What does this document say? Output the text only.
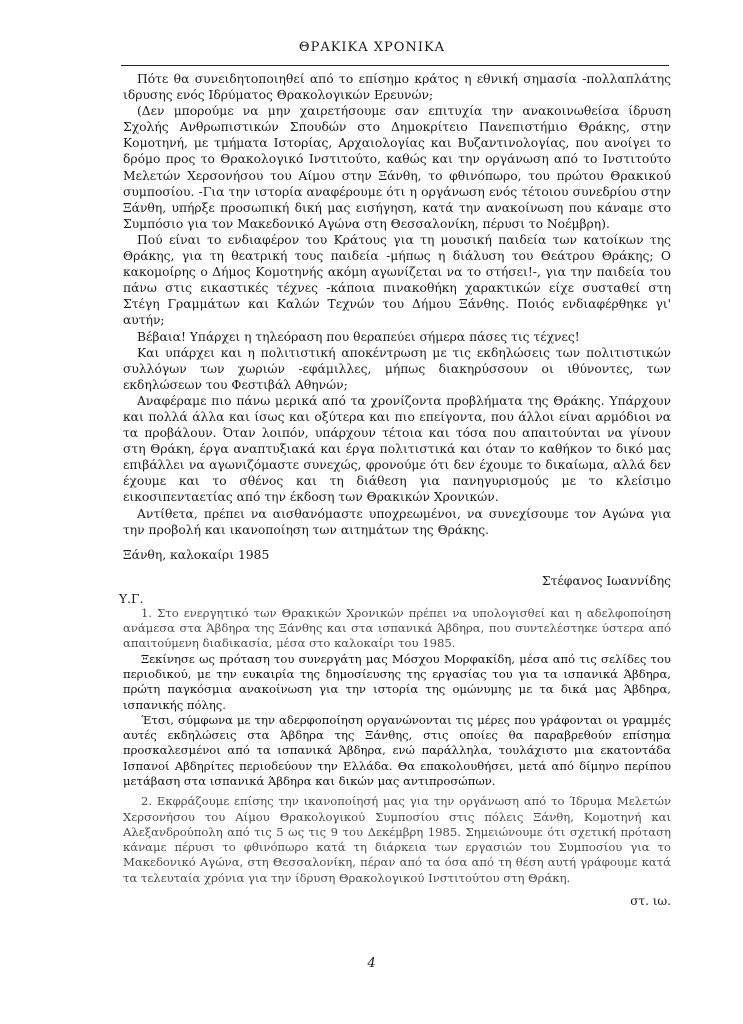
ΘΡΑΚΙΚΑ ΧΡΟΝΙΚΑ

Πότε θα συνειδητοποιηθεί από το επίσημο κράτος η εθνική σημασία -πολλαπλάτης ιδρυσης ενός Ιδρύματος Θρακολογικών Ερευνών;

(Δεν μπορούμε να μην χαιρετήσουμε σαν επιτυχία την ανακοινωθείσα ίδρυση Σχολής Ανθρωπιστικών Σπουδών στο Δημοκρίτειο Πανεπιστήμιο Θράκης, στην Κομοτηνή, με τμήματα Ιστορίας, Αρχαιολογίας και Βυζαντινολογίας, που ανοίγει το δρόμο προς το Θρακολογικό Ινστιτούτο, καθώς και την οργάνωση από το Ινστιτούτο Μελετών Χερσονήσου του Αίμου στην Ξάνθη, το φθινόπωρο, του πρώτου Θρακικού συμποσίου. -Για την ιστορία αναφέρουμε ότι η οργάνωση ενός τέτοιου συνεδρίου στην Ξάνθη, υπήρξε προσωπική δική μας εισήγηση, κατά την ανακοίνωση που κάναμε στο Συμπόσιο για τον Μακεδονικό Αγώνα στη Θεσσαλονίκη, πέρυσι το Νοέμβρη).

Πού είναι το ενδιαφέρον του Κράτους για τη μουσική παιδεία των κατοίκων της Θράκης, για τη θεατρική τους παιδεία -μήπως η διάλυση του Θεάτρου Θράκης; Ο κακομοίρης ο Δήμος Κομοτηνής ακόμη αγωνίζεται να το στήσει!-, για την παιδεία του πάνω στις εικαστικές τέχνες -κάποια πινακοθήκη χαρακτικών είχε συσταθεί στη Στέγη Γραμμάτων και Καλών Τεχνών του Δήμου Ξάνθης. Ποιός ενδιαφέρθηκε γι' αυτήν;

Βέβαια! Υπάρχει η τηλεόραση που θεραπεύει σήμερα πάσες τις τέχνες!

Και υπάρχει και η πολιτιστική αποκέντρωση με τις εκδηλώσεις των πολιτιστικών συλλόγων των χωριών -εφάμιλλες, μήπως διακηρύσσουν οι ιθύνοντες, των εκδηλώσεων του Φεστιβάλ Αθηνών;

Αναφέραμε πιο πάνω μερικά από τα χρονίζοντα προβλήματα της Θράκης. Υπάρχουν και πολλά άλλα και ίσως και οξύτερα και πιο επείγοντα, που άλλοι είναι αρμόδιοι να τα προβάλουν. Όταν λοιπόν, υπάρχουν τέτοια και τόσα που απαιτούνται να γίνουν στη Θράκη, έργα αναπτυξιακά και έργα πολιτιστικά και όταν το καθήκον το δικό μας επιβάλλει να αγωνιζόμαστε συνεχώς, φρονούμε ότι δεν έχουμε το δικαίωμα, αλλά δεν έχουμε και το σθένος και τη διάθεση για πανηγυρισμούς με το κλείσιμο εικοσιπενταετίας από την έκδοση των Θρακικών Χρονικών.

Αντίθετα, πρέπει να αισθανόμαστε υποχρεωμένοι, να συνεχίσουμε τον Αγώνα για την προβολή και ικανοποίηση των αιτημάτων της Θράκης.

Ξάνθη, καλοκαίρι 1985
Στέφανος Ιωαννίδης
Υ.Γ.

1. Στο ενεργητικό των Θρακικών Χρονικών πρέπει να υπολογισθεί και η αδελφοποίηση ανάμεσα στα Άβδηρα της Ξάνθης και στα ισπανικά Άβδηρα, που συντελέστηκε ύστερα από απαιτούμενη διαδικασία, μέσα στο καλοκαίρι του 1985.

Ξεκίνησε ως πρόταση του συνεργάτη μας Μόσχου Μορφακίδη, μέσα από τις σελίδες του περιοδικού, με την ευκαιρία της δημοσίευσης της εργασίας του για τα ισπανικά Άβδηρα, πρώτη παγκόσμια ανακοίνωση για την ιστορία της ομώνυμης με τα δικά μας Άβδηρα, ισπανικής πόλης.

Έτσι, σύμφωνα με την αδερφοποίηση οργανώνονται τις μέρες που γράφονται οι γραμμές αυτές εκδηλώσεις στα Άβδηρα της Ξάνθης, στις οποίες θα παραβρεθούν επίσημα προσκαλεσμένοι από τα ισπανικά Άβδηρα, ενώ παράλληλα, τουλάχιστο μια εκατοντάδα Ισπανοί Αβδηρίτες περιοδεύουν την Ελλάδα. Θα επακολουθήσει, μετά από δίμηνο περίπου μετάβαση στα ισπανικά Άβδηρα και δικών μας αντιπροσώπων.

2. Εκφράζουμε επίσης την ικανοποίησή μας για την οργάνωση από το Ίδρυμα Μελετών Χερσονήσου του Αίμου Θρακολογικού Συμποσίου στις πόλεις Ξάνθη, Κομοτηνή και Αλεξανδρούπολη από τις 5 ως τις 9 του Δεκέμβρη 1985. Σημειώνουμε ότι σχετική πρόταση κάναμε πέρυσι το φθινόπωρο κατά τη διάρκεια των εργασιών του Συμποσίου για το Μακεδονικό Αγώνα, στη Θεσσαλονίκη, πέραν από τα όσα από τη θέση αυτή γράφουμε κατά τα τελευταία χρόνια για την ίδρυση Θρακολογικού Ινστιτούτου στη Θράκη.

στ. ιω.
4
